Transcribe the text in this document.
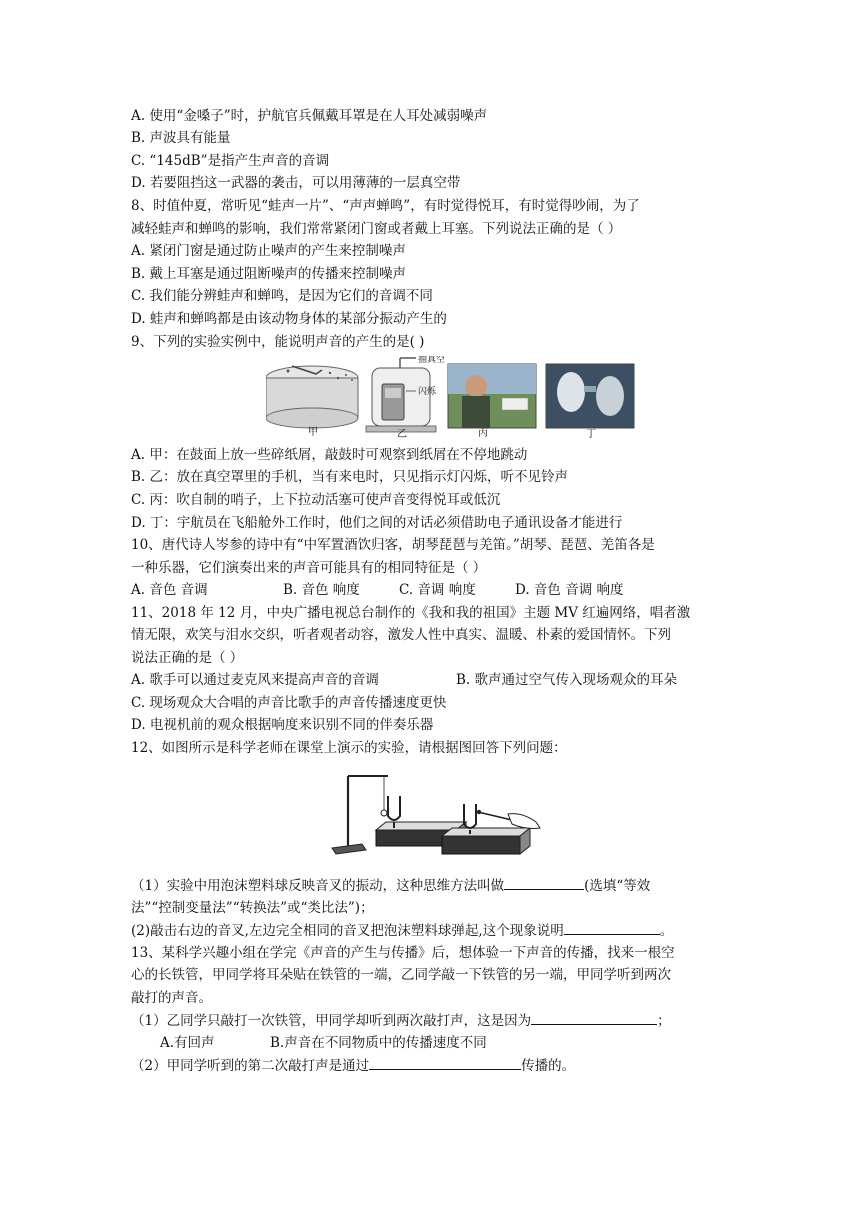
A. 使用“金嗓子”时，护航官兵佩戴耳罩是在人耳处减弱噪声
B. 声波具有能量
C. “145dB”是指产生声音的音调
D. 若要阻挡这一武器的袭击，可以用薄薄的一层真空带
8、时值仲夏，常听见“蛙声一片”、“声声蝉鸣”，有时觉得悦耳，有时觉得吵闹，为了
减轻蛙声和蝉鸣的影响，我们常常紧闭门窗或者戴上耳塞。下列说法正确的是（ ）
A. 紧闭门窗是通过防止噪声的产生来控制噪声
B. 戴上耳塞是通过阻断噪声的传播来控制噪声
C. 我们能分辨蛙声和蝉鸣，是因为它们的音调不同
D. 蛙声和蝉鸣都是由该动物身体的某部分振动产生的
9、下列的实验实例中，能说明声音的产生的是( )
抽真空
闪烁
甲	乙	丙	丁
A. 甲：在鼓面上放一些碎纸屑，敲鼓时可观察到纸屑在不停地跳动
B. 乙：放在真空罩里的手机，当有来电时，只见指示灯闪烁，听不见铃声
C. 丙：吹自制的哨子，上下拉动活塞可使声音变得悦耳或低沉
D. 丁：宇航员在飞船舱外工作时，他们之间的对话必须借助电子通讯设备才能进行
10、唐代诗人岑参的诗中有“中军置酒饮归客，胡琴琵琶与羌笛。”胡琴、琵琶、羌笛各是
一种乐器，它们演奏出来的声音可能具有的相同特征是（ ）
A. 音色 音调	B. 音色 响度	C. 音调 响度	D. 音色 音调 响度
11、2018 年 12 月，中央广播电视总台制作的《我和我的祖国》主题 MV 红遍网络，唱者激
情无限，欢笑与泪水交织，听者观者动容，激发人性中真实、温暖、朴素的爱国情怀。下列
说法正确的是（ ）
A. 歌手可以通过麦克风来提高声音的音调	B. 歌声通过空气传入现场观众的耳朵
C. 现场观众大合唱的声音比歌手的声音传播速度更快
D. 电视机前的观众根据响度来识别不同的伴奏乐器
12、如图所示是科学老师在课堂上演示的实验，请根据图回答下列问题：
（1）实验中用泡沫塑料球反映音叉的振动，这种思维方法叫做	(选填“等效
法”“控制变量法”“转换法”或“类比法”)；
(2)敲击右边的音叉,左边完全相同的音叉把泡沫塑料球弹起,这个现象说明	。
13、某科学兴趣小组在学完《声音的产生与传播》后，想体验一下声音的传播，找来一根空
心的长铁管，甲同学将耳朵贴在铁管的一端，乙同学敲一下铁管的另一端，甲同学听到两次
敲打的声音。
（1）乙同学只敲打一次铁管，甲同学却听到两次敲打声，这是因为	；
A.有回声	B.声音在不同物质中的传播速度不同
（2）甲同学听到的第二次敲打声是通过	传播的。
